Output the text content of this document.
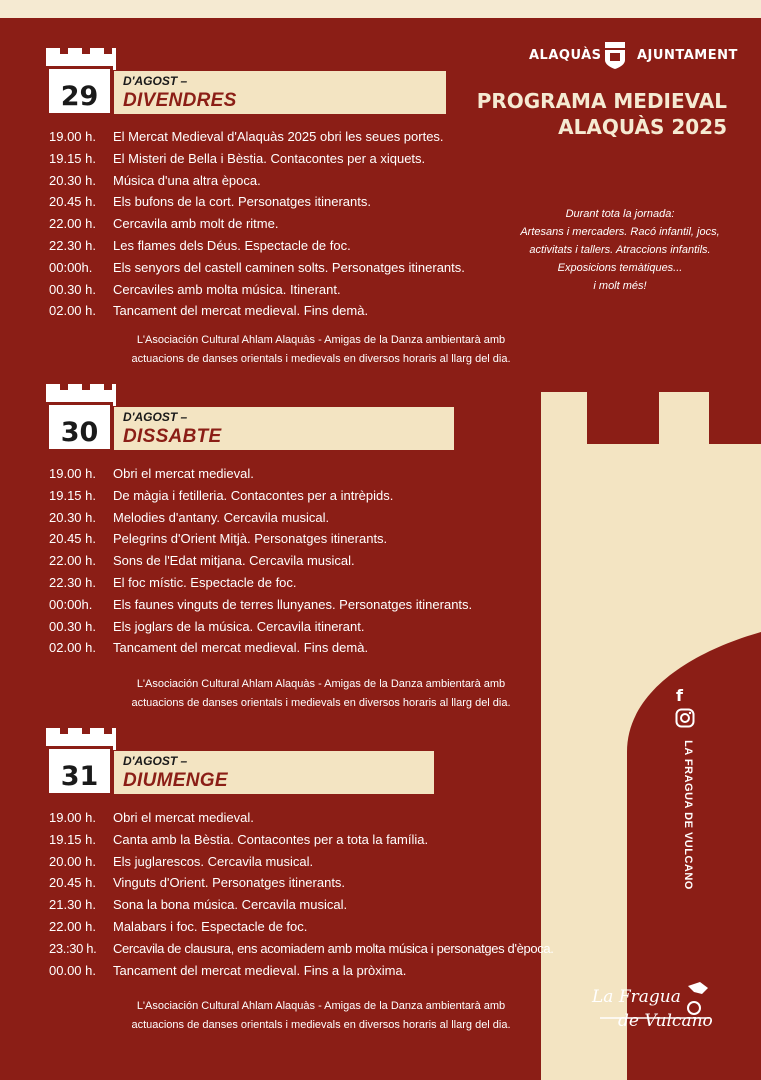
ALAQUÀS	AJUNTAMENT
PROGRAMA MEDIEVAL
ALAQUÀS 2025
Durant tota la jornada:
Artesans i mercaders. Racó infantil, jocs,
activitats i tallers. Atraccions infantils.
Exposicions temàtiques...
i molt més!
29	D'AGOST –
DIVENDRES
19.00 h. El Mercat Medieval d'Alaquàs 2025 obri les seues portes.
19.15 h. El Misteri de Bella i Bèstia. Contacontes per a xiquets.
20.30 h. Música d'una altra època.
20.45 h. Els bufons de la cort. Personatges itinerants.
22.00 h. Cercavila amb molt de ritme.
22.30 h. Les flames dels Déus. Espectacle de foc.
00:00h. Els senyors del castell caminen solts. Personatges itinerants.
00.30 h. Cercaviles amb molta música. Itinerant.
02.00 h. Tancament del mercat medieval. Fins demà.
L'Asociación Cultural Ahlam Alaquàs - Amigas de la Danza ambientarà amb
actuacions de danses orientals i medievals en diversos horaris al llarg del dia.
30	D'AGOST –
DISSABTE
19.00 h. Obri el mercat medieval.
19.15 h. De màgia i fetilleria. Contacontes per a intrèpids.
20.30 h. Melodies d'antany. Cercavila musical.
20.45 h. Pelegrins d'Orient Mitjà. Personatges itinerants.
22.00 h. Sons de l'Edat mitjana. Cercavila musical.
22.30 h. El foc místic. Espectacle de foc.
00:00h. Els faunes vinguts de terres llunyanes. Personatges itinerants.
00.30 h. Els joglars de la música. Cercavila itinerant.
02.00 h. Tancament del mercat medieval. Fins demà.
L'Asociación Cultural Ahlam Alaquàs - Amigas de la Danza ambientarà amb
actuacions de danses orientals i medievals en diversos horaris al llarg del dia.
31	D'AGOST –
DIUMENGE
19.00 h. Obri el mercat medieval.
19.15 h. Canta amb la Bèstia. Contacontes per a tota la família.
20.00 h. Els juglarescos. Cercavila musical.
20.45 h. Vinguts d'Orient. Personatges itinerants.
21.30 h. Sona la bona música. Cercavila musical.
22.00 h. Malabars i foc. Espectacle de foc.
23.:30 h. Cercavila de clausura, ens acomiadem amb molta música i personatges d'època.
00.00 h. Tancament del mercat medieval. Fins a la pròxima.
L'Asociación Cultural Ahlam Alaquàs - Amigas de la Danza ambientarà amb
actuacions de danses orientals i medievals en diversos horaris al llarg del dia.
f
LA FRAGUA DE VULCANO
La Fragua de Vulcano
